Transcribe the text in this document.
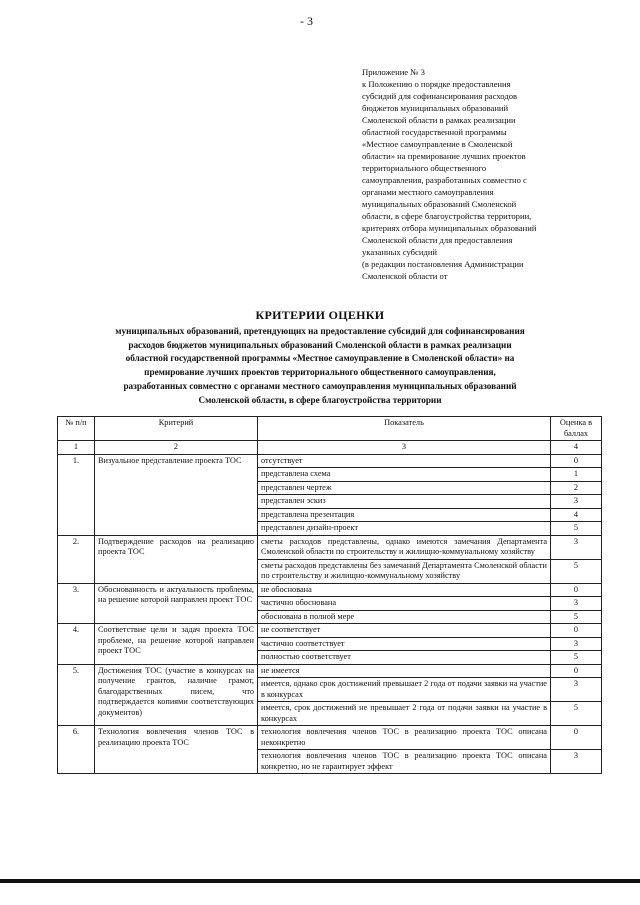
- 3
Приложение № 3
к Положению о порядке предоставления
субсидий для софинансирования расходов
бюджетов муниципальных образований
Смоленской области в рамках реализации
областной государственной программы
«Местное самоуправление в Смоленской
области» на премирование лучших проектов
территориального общественного
самоуправления, разработанных совместно с
органами местного самоуправления
муниципальных образований Смоленской
области, в сфере благоустройства территории,
критериях отбора муниципальных образований
Смоленской области для предоставления
указанных субсидий
(в редакции постановления Администрации
Смоленской области от
КРИТЕРИИ ОЦЕНКИ
муниципальных образований, претендующих на предоставление субсидий для софинансирования
расходов бюджетов муниципальных образований Смоленской области в рамках реализации
областной государственной программы «Местное самоуправление в Смоленской области» на
премирование лучших проектов территориального общественного самоуправления,
разработанных совместно с органами местного самоуправления муниципальных образований
Смоленской области, в сфере благоустройства территории
№ п/п	Критерий	Показатель	Оценка в баллах
1	2	3	4
1.	Визуальное представление проекта ТОС	отсутствует	0
		представлена схема	1
		представлен чертеж	2
		представлен эскиз	3
		представлена презентация	4
		представлен дизайн-проект	5
2.	Подтверждение расходов на реализацию проекта ТОС	сметы расходов представлены, однако имеются замечания Департамента Смоленской области по строительству и жилищно-коммунальному хозяйству	3
		сметы расходов представлены без замечаний Департамента Смоленской области по строительству и жилищно-коммунальному хозяйству	5
3.	Обоснованность и актуальность проблемы, на решение которой направлен проект ТОС	не обоснована	0
		частично обоснована	3
		обоснована в полной мере	5
4.	Соответствие цели и задач проекта ТОС проблеме, на решение которой направлен проект ТОС	не соответствует	0
		частично соответствует	3
		полностью соответствует	5
5.	Достижения ТОС (участие в конкурсах на получение грантов, наличие грамот, благодарственных писем, что подтверждается копиями соответствующих документов)	не имеется	0
		имеется, однако срок достижений превышает 2 года от подачи заявки на участие в конкурсах	3
		имеется, срок достижений не превышает 2 года от подачи заявки на участие в конкурсах	5
6.	Технология вовлечения членов ТОС в реализацию проекта ТОС	технология вовлечения членов ТОС в реализацию проекта ТОС описана неконкретно	0
		технология вовлечения членов ТОС в реализацию проекта ТОС описана конкретно, но не гарантирует эффект	3
